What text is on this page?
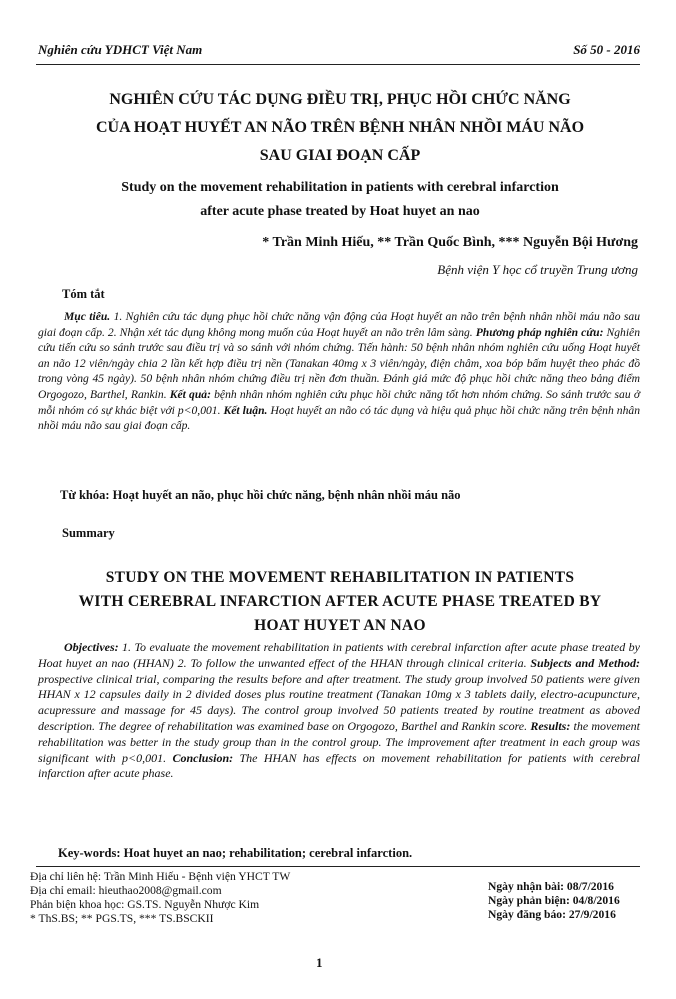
Nghiên cứu YDHCT Việt Nam	Số 50 - 2016
NGHIÊN CỨU TÁC DỤNG ĐIỀU TRỊ, PHỤC HỒI CHỨC NĂNG
CỦA HOẠT HUYẾT AN NÃO TRÊN BỆNH NHÂN NHỒI MÁU NÃO
SAU GIAI ĐOẠN CẤP
Study on the movement rehabilitation in patients with cerebral infarction
after acute phase treated by Hoat huyet an nao
* Trần Minh Hiếu, ** Trần Quốc Bình, *** Nguyễn Bội Hương
Bệnh viện Y học cổ truyền Trung ương
Tóm tắt
Mục tiêu. 1. Nghiên cứu tác dụng phục hồi chức năng vận động của Hoạt huyết an não trên bệnh nhân nhồi máu não sau giai đoạn cấp. 2. Nhận xét tác dụng không mong muốn của Hoạt huyết an não trên lâm sàng. Phương pháp nghiên cứu: Nghiên cứu tiến cứu so sánh trước sau điều trị và so sánh với nhóm chứng. Tiến hành: 50 bệnh nhân nhóm nghiên cứu uống Hoạt huyết an não 12 viên/ngày chia 2 lần kết hợp điều trị nền (Tanakan 40mg x 3 viên/ngày, điện châm, xoa bóp bấm huyệt theo phác đồ trong vòng 45 ngày). 50 bệnh nhân nhóm chứng điều trị nền đơn thuần. Đánh giá mức độ phục hồi chức năng theo bảng điểm Orgogozo, Barthel, Rankin. Kết quả: bệnh nhân nhóm nghiên cứu phục hồi chức năng tốt hơn nhóm chứng. So sánh trước sau ở mỗi nhóm có sự khác biệt với p<0,001. Kết luận. Hoạt huyết an não có tác dụng và hiệu quả phục hồi chức năng trên bệnh nhân nhồi máu não sau giai đoạn cấp.
Từ khóa: Hoạt huyết an não, phục hồi chức năng, bệnh nhân nhồi máu não
Summary
STUDY ON THE MOVEMENT REHABILITATION IN PATIENTS
WITH CEREBRAL INFARCTION AFTER ACUTE PHASE TREATED BY
HOAT HUYET AN NAO
Objectives: 1. To evaluate the movement rehabilitation in patients with cerebral infarction after acute phase treated by Hoat huyet an nao (HHAN) 2. To follow the unwanted effect of the HHAN through clinical criteria. Subjects and Method: prospective clinical trial, comparing the results before and after treatment. The study group involved 50 patients were given HHAN x 12 capsules daily in 2 divided doses plus routine treatment (Tanakan 10mg x 3 tablets daily, electro-acupuncture, acupressure and massage for 45 days). The control group involved 50 patients treated by routine treatment as aboved description. The degree of rehabilitation was examined base on Orgogozo, Barthel and Rankin score. Results: the movement rehabilitation was better in the study group than in the control group. The improvement after treatment in each group was significant with p<0,001. Conclusion: The HHAN has effects on movement rehabilitation for patients with cerebral infarction after acute phase.
Key-words: Hoat huyet an nao; rehabilitation; cerebral infarction.
Địa chỉ liên hệ: Trần Minh Hiếu - Bệnh viện YHCT TW
Địa chỉ email: hieuthao2008@gmail.com
Phản biện khoa học: GS.TS. Nguyễn Nhược Kim
* ThS.BS; ** PGS.TS, *** TS.BSCKII
Ngày nhận bài: 08/7/2016
Ngày phản biện: 04/8/2016
Ngày đăng báo: 27/9/2016
1
